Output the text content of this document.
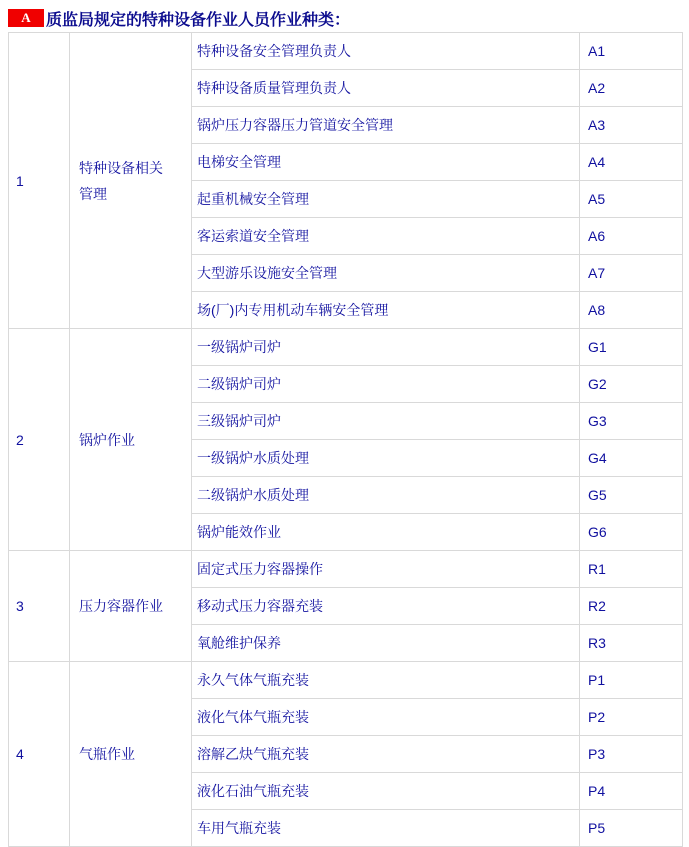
A 质监局规定的特种设备作业人员作业种类：
1	特种设备相关管理	特种设备安全管理负责人	A1
		特种设备质量管理负责人	A2
		锅炉压力容器压力管道安全管理	A3
		电梯安全管理	A4
		起重机械安全管理	A5
		客运索道安全管理	A6
		大型游乐设施安全管理	A7
		场(厂)内专用机动车辆安全管理	A8
2	锅炉作业	一级锅炉司炉	G1
		二级锅炉司炉	G2
		三级锅炉司炉	G3
		一级锅炉水质处理	G4
		二级锅炉水质处理	G5
		锅炉能效作业	G6
3	压力容器作业	固定式压力容器操作	R1
		移动式压力容器充装	R2
		氧舱维护保养	R3
4	气瓶作业	永久气体气瓶充装	P1
		液化气体气瓶充装	P2
		溶解乙炔气瓶充装	P3
		液化石油气瓶充装	P4
		车用气瓶充装	P5
